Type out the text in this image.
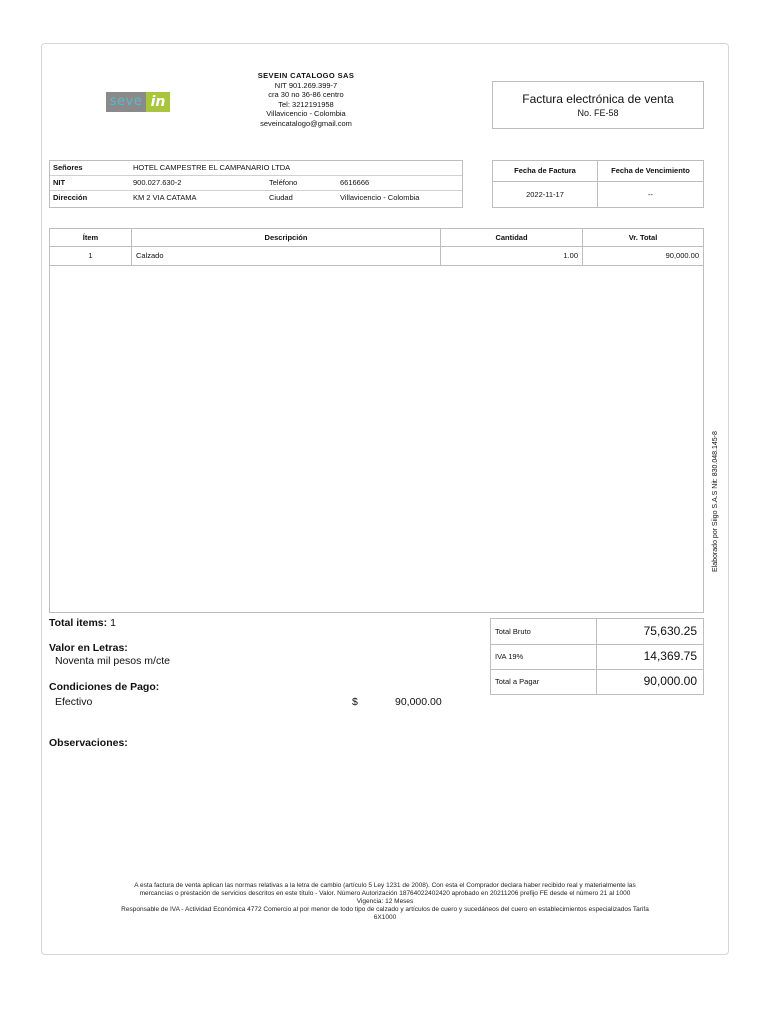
seve in
SEVEIN CATALOGO SAS
NIT 901.269.399-7
cra 30 no 36-86 centro
Tel: 3212191958
Villavicencio - Colombia
seveincatalogo@gmail.com
Factura electrónica de venta
No. FE-58
Señores	HOTEL CAMPESTRE EL CAMPANARIO LTDA
NIT	900.027.630-2	Teléfono	6616666
Dirección	KM 2 VIA CATAMA	Ciudad	Villavicencio - Colombia
Fecha de Factura	Fecha de Vencimiento
2022-11-17	--
Ítem	Descripción	Cantidad	Vr. Total
1	Calzado	1.00	90,000.00
Elaborado por Siigo S.A.S Nit: 830.048.145-8
Total items: 1
Valor en Letras:
Noventa mil pesos m/cte
Condiciones de Pago:
Efectivo	$	90,000.00
Observaciones:
Total Bruto	75,630.25
IVA 19%	14,369.75
Total a Pagar	90,000.00
A esta factura de venta aplican las normas relativas a la letra de cambio (artículo 5 Ley 1231 de 2008). Con esta el Comprador declara haber recibido real y materialmente las
mercancías o prestación de servicios descritos en este título - Valor. Número Autorización 18764022402420 aprobado en 20211206 prefijo FE desde el número 21 al 1000
Vigencia: 12 Meses
Responsable de IVA - Actividad Económica 4772 Comercio al por menor de todo tipo de calzado y artículos de cuero y sucedáneos del cuero en establecimientos especializados Tarifa
6X1000
